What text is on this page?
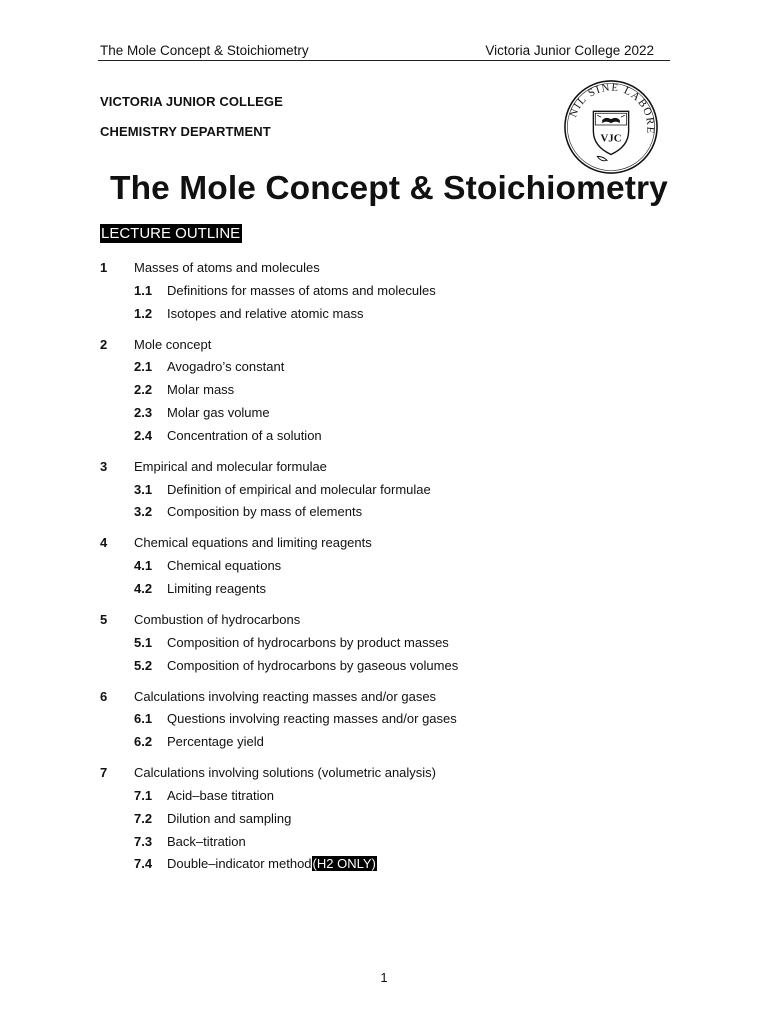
The Mole Concept & Stoichiometry	Victoria Junior College 2022
VICTORIA JUNIOR COLLEGE
CHEMISTRY DEPARTMENT
NIL SINE LABORE
VJC
The Mole Concept & Stoichiometry
LECTURE OUTLINE
1 Masses of atoms and molecules
1.1 Definitions for masses of atoms and molecules
1.2 Isotopes and relative atomic mass
2 Mole concept
2.1 Avogadro’s constant
2.2 Molar mass
2.3 Molar gas volume
2.4 Concentration of a solution
3 Empirical and molecular formulae
3.1 Definition of empirical and molecular formulae
3.2 Composition by mass of elements
4 Chemical equations and limiting reagents
4.1 Chemical equations
4.2 Limiting reagents
5 Combustion of hydrocarbons
5.1 Composition of hydrocarbons by product masses
5.2 Composition of hydrocarbons by gaseous volumes
6 Calculations involving reacting masses and/or gases
6.1 Questions involving reacting masses and/or gases
6.2 Percentage yield
7 Calculations involving solutions (volumetric analysis)
7.1 Acid–base titration
7.2 Dilution and sampling
7.3 Back–titration
7.4 Double–indicator method(H2 ONLY)
1
